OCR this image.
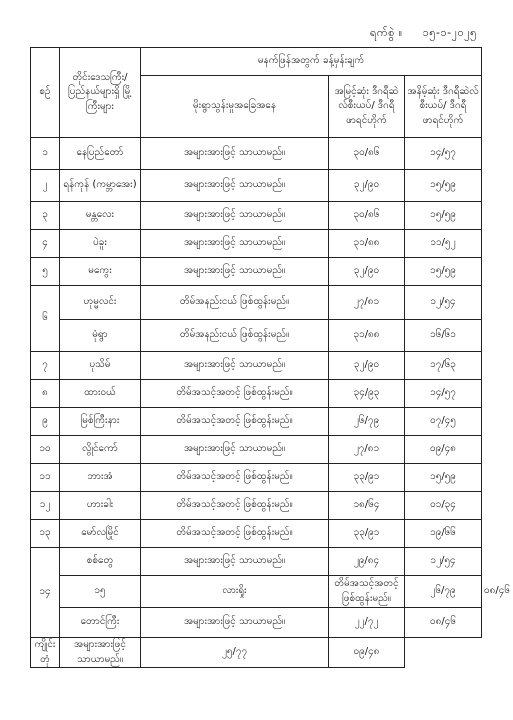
ရက်စွဲ ။ ၁၅-၁-၂၀၂၅
စဉ်	တိုင်းဒေသကြီး/ ပြည်နယ်များရှိ မြို့ကြီးများ	မနက်ဖြန်အတွက် ခန့်မှန်းချက်			
		မိုးရွာသွန်းမှုအခြေအနေ	အမြင့်ဆုံး ဒီဂရီဆဲလ်စီးယပ်/ ဒီဂရီဖာရင်ဟိုက်	အနိမ့်ဆုံး ဒီဂရီဆဲလ်စီးယပ်/ ဒီဂရီဖာရင်ဟိုက်	
၁	နေပြည်တော်	အများအားဖြင့် သာယာမည်။	၃၀/၈၆	၁၄/၅၇	
၂	ရန်ကုန် (ကမ္ဘာအေး)	အများအားဖြင့် သာယာမည်။	၃၂/၉၀	၁၅/၅၉	
၃	မန္တလေး	အများအားဖြင့် သာယာမည်။	၃၀/၈၆	၁၅/၅၉	
၄	ပဲခူး	အများအားဖြင့် သာယာမည်။	၃၁/၈၈	၁၁/၅၂	
၅	မကွေး	အများအားဖြင့် သာယာမည်။	၃၂/၉၀	၁၅/၅၉	
၆	ဟုမ္မလင်း	တိမ်အနည်းငယ် ဖြစ်ထွန်းမည်။	၂၇/၈၁	၁၂/၅၄	
	မုံရွာ	တိမ်အနည်းငယ် ဖြစ်ထွန်းမည်။	၃၁/၈၈	၁၆/၆၁	
၇	ပုသိမ်	အများအားဖြင့် သာယာမည်။	၃၂/၉၀	၁၇/၆၃	
၈	ထားဝယ်	တိမ်အသင့်အတင့် ဖြစ်ထွန်းမည်။	၃၄/၉၃	၁၄/၅၇	
၉	မြစ်ကြီးနား	တိမ်အသင့်အတင့် ဖြစ်ထွန်းမည်။	၂၆/၇၉	၀၇/၄၅	
၁၀	လွိုင်ကော်	အများအားဖြင့် သာယာမည်။	၂၇/၈၁	၀၉/၄၈	
၁၁	ဘားအံ	တိမ်အသင့်အတင့် ဖြစ်ထွန်းမည်။	၃၃/၉၁	၁၅/၅၉	
၁၂	ဟားခါး	တိမ်အသင့်အတင့် ဖြစ်ထွန်းမည်။	၁၈/၆၄	၀၁/၃၄	
၁၃	မော်လမြိုင်	တိမ်အသင့်အတင့် ဖြစ်ထွန်းမည်။	၃၃/၉၁	၁၉/၆၆	
၁၄	စစ်တွေ	အများအားဖြင့် သာယာမည်။	၂၉/၈၄	၁၂/၅၄	
	၁၅	လားရှိုး	တိမ်အသင့်အတင့် ဖြစ်ထွန်းမည်။	၂၆/၇၉	၀၈/၄၆
	တောင်ကြီး	အများအားဖြင့် သာယာမည်။	၂၂/၇၂	၀၈/၄၆	
ကျိုင်းတုံ	အများအားဖြင့် သာယာမည်။	၂၅/၇၇	၀၉/၄၈		
